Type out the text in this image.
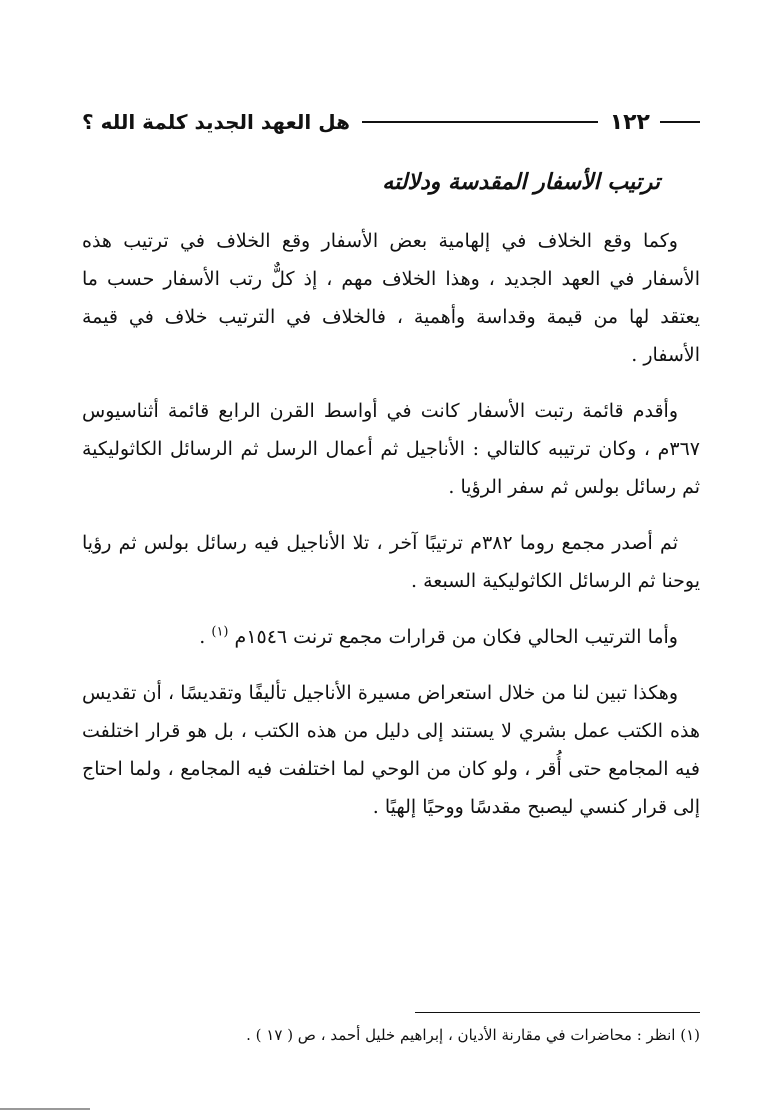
١٢٢
هل العهد الجديد كلمة الله ؟
ترتيب الأسفار المقدسة ودلالته

وكما وقع الخلاف في إلهامية بعض الأسفار وقع الخلاف في ترتيب هذه الأسفار في العهد الجديد ، وهذا الخلاف مهم ، إذ كلٌّ رتب الأسفار حسب ما يعتقد لها من قيمة وقداسة وأهمية ، فالخلاف في الترتيب خلاف في قيمة الأسفار .

وأقدم قائمة رتبت الأسفار كانت في أواسط القرن الرابع قائمة أثناسيوس ٣٦٧م ، وكان ترتيبه كالتالي : الأناجيل ثم أعمال الرسل ثم الرسائل الكاثوليكية ثم رسائل بولس ثم سفر الرؤيا .

ثم أصدر مجمع روما ٣٨٢م ترتيبًا آخر ، تلا الأناجيل فيه رسائل بولس ثم رؤيا يوحنا ثم الرسائل الكاثوليكية السبعة .

وأما الترتيب الحالي فكان من قرارات مجمع ترنت ١٥٤٦م $^{(١)}$ .

وهكذا تبين لنا من خلال استعراض مسيرة الأناجيل تأليفًا وتقديسًا ، أن تقديس هذه الكتب عمل بشري لا يستند إلى دليل من هذه الكتب ، بل هو قرار اختلفت فيه المجامع حتى أُقر ، ولو كان من الوحي لما اختلفت فيه المجامع ، ولما احتاج إلى قرار كنسي ليصبح مقدسًا ووحيًا إلهيًا .

(١) انظر : محاضرات في مقارنة الأديان ، إبراهيم خليل أحمد ، ص ( ١٧ ) .
